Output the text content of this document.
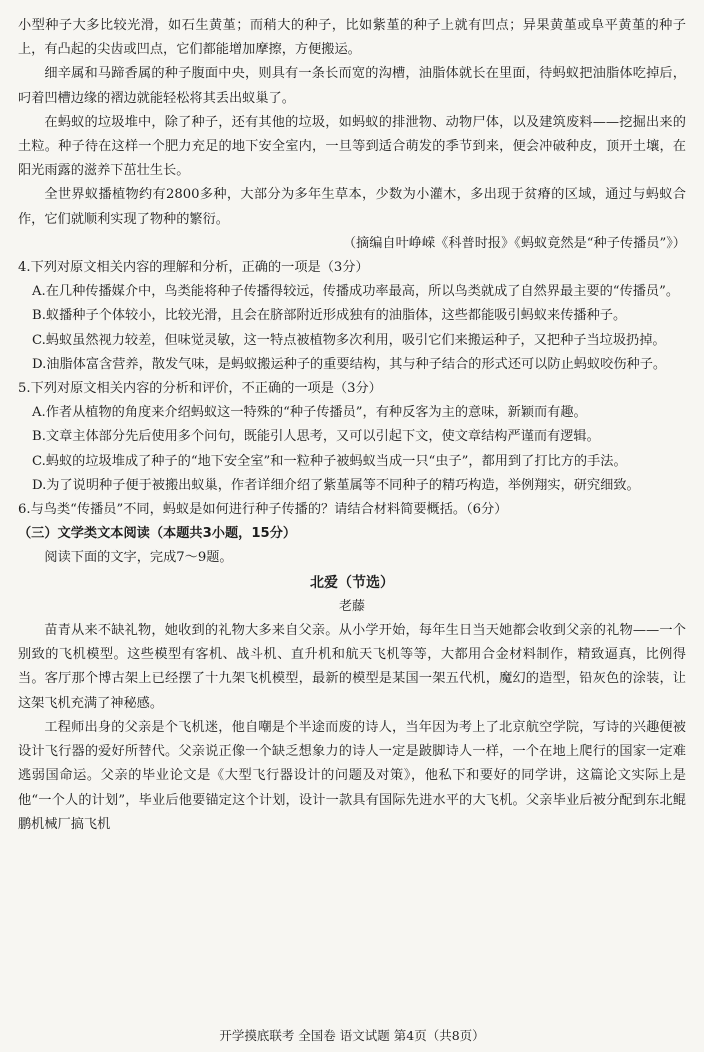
小型种子大多比较光滑，如石生黄堇；而稍大的种子，比如紫堇的种子上就有凹点；异果黄堇或阜平黄堇的种子上，有凸起的尖齿或凹点，它们都能增加摩擦，方便搬运。

细辛属和马蹄香属的种子腹面中央，则具有一条长而宽的沟槽，油脂体就长在里面，待蚂蚁把油脂体吃掉后，叼着凹槽边缘的褶边就能轻松将其丢出蚁巢了。

在蚂蚁的垃圾堆中，除了种子，还有其他的垃圾，如蚂蚁的排泄物、动物尸体，以及建筑废料——挖掘出来的土粒。种子待在这样一个肥力充足的地下安全室内，一旦等到适合萌发的季节到来，便会冲破种皮，顶开土壤，在阳光雨露的滋养下茁壮生长。

全世界蚁播植物约有2800多种，大部分为多年生草本，少数为小灌木，多出现于贫瘠的区域，通过与蚂蚁合作，它们就顺利实现了物种的繁衍。

（摘编自叶峥嵘《科普时报》《蚂蚁竟然是“种子传播员”》）

4.下列对原文相关内容的理解和分析，正确的一项是（3分）

A.在几种传播媒介中，鸟类能将种子传播得较远，传播成功率最高，所以鸟类就成了自然界最主要的“传播员”。

B.蚁播种子个体较小，比较光滑，且会在脐部附近形成独有的油脂体，这些都能吸引蚂蚁来传播种子。

C.蚂蚁虽然视力较差，但味觉灵敏，这一特点被植物多次利用，吸引它们来搬运种子，又把种子当垃圾扔掉。

D.油脂体富含营养，散发气味，是蚂蚁搬运种子的重要结构，其与种子结合的形式还可以防止蚂蚁咬伤种子。

5.下列对原文相关内容的分析和评价，不正确的一项是（3分）

A.作者从植物的角度来介绍蚂蚁这一特殊的“种子传播员”，有种反客为主的意味，新颖而有趣。

B.文章主体部分先后使用多个问句，既能引人思考，又可以引起下文，使文章结构严谨而有逻辑。

C.蚂蚁的垃圾堆成了种子的“地下安全室”和一粒种子被蚂蚁当成一只“虫子”，都用到了打比方的手法。

D.为了说明种子便于被搬出蚁巢，作者详细介绍了紫堇属等不同种子的精巧构造，举例翔实，研究细致。

6.与鸟类“传播员”不同，蚂蚁是如何进行种子传播的？请结合材料简要概括。（6分）

（三）文学类文本阅读（本题共3小题，15分）

阅读下面的文字，完成7～9题。

北爱（节选）

老藤

苗青从来不缺礼物，她收到的礼物大多来自父亲。从小学开始，每年生日当天她都会收到父亲的礼物——一个别致的飞机模型。这些模型有客机、战斗机、直升机和航天飞机等等，大都用合金材料制作，精致逼真，比例得当。客厅那个博古架上已经摆了十九架飞机模型，最新的模型是某国一架五代机，魔幻的造型，铅灰色的涂装，让这架飞机充满了神秘感。

工程师出身的父亲是个飞机迷，他自嘲是个半途而废的诗人，当年因为考上了北京航空学院，写诗的兴趣便被设计飞行器的爱好所替代。父亲说正像一个缺乏想象力的诗人一定是跛脚诗人一样，一个在地上爬行的国家一定难逃弱国命运。父亲的毕业论文是《大型飞行器设计的问题及对策》，他私下和要好的同学讲，这篇论文实际上是他“一个人的计划”，毕业后他要锚定这个计划，设计一款具有国际先进水平的大飞机。父亲毕业后被分配到东北鲲鹏机械厂搞飞机

开学摸底联考 全国卷 语文试题 第4页（共8页）
